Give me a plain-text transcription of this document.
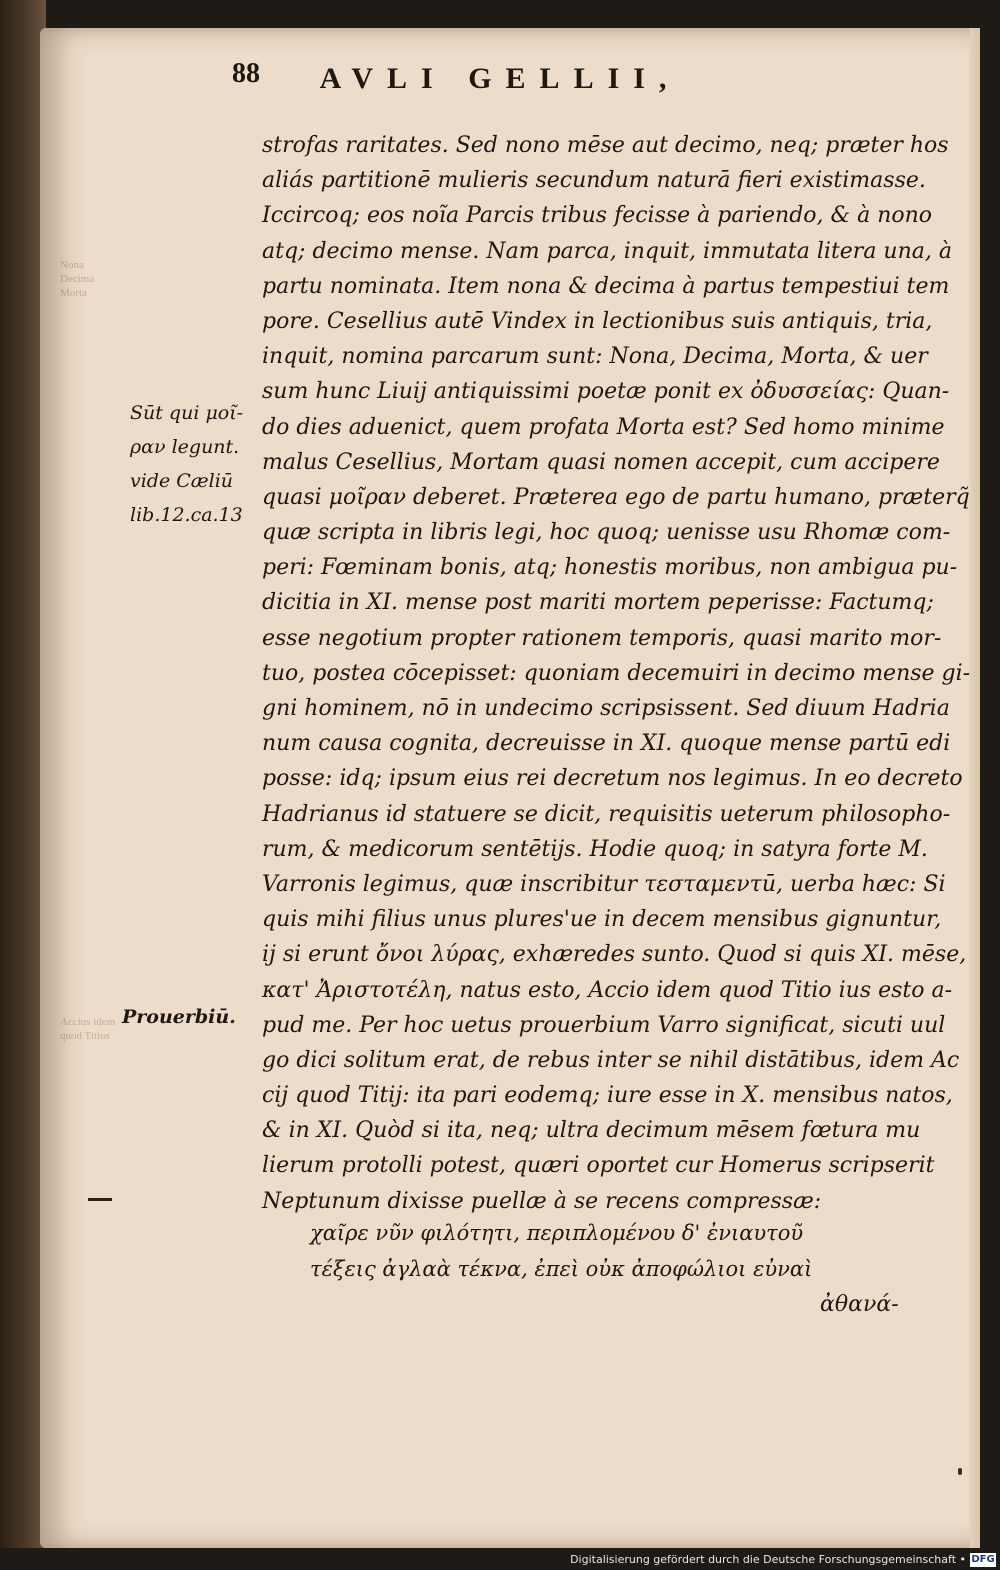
88	AVLI GELLII,
Nona
Decima
Morta
Accius idem
quod Titius
Sūt qui μοῖ-
ραν legunt.
vide Cæliū
lib.12.ca.13
Prouerbiū.
strofas raritates. Sed nono mēse aut decimo, neq; præter hos
aliás partitionē mulieris secundum naturā fieri existimasse.
Iccircoq; eos noĩa Parcis tribus fecisse à pariendo, & à nono
atq; decimo mense. Nam parca, inquit, immutata litera una, à
partu nominata. Item nona & decima à partus tempestiui tem
pore. Cesellius autē Vindex in lectionibus suis antiquis, tria,
inquit, nomina parcarum sunt: Nona, Decima, Morta, & uer
sum hunc Liuij antiquissimi poetæ ponit ex ὀδυσσείας: Quan-
do dies aduenict, quem profata Morta est? Sed homo minime
malus Cesellius, Mortam quasi nomen accepit, cum accipere
quasi μοῖραν deberet. Præterea ego de partu humano, præterq̃
quæ scripta in libris legi, hoc quoq; uenisse usu Rhomæ com-
peri: Fœminam bonis, atq; honestis moribus, non ambigua pu-
dicitia in XI. mense post mariti mortem peperisse: Factumq;
esse negotium propter rationem temporis, quasi marito mor-
tuo, postea cōcepisset: quoniam decemuiri in decimo mense gi-
gni hominem, nō in undecimo scripsissent. Sed diuum Hadria
num causa cognita, decreuisse in XI. quoque mense partū edi
posse: idq; ipsum eius rei decretum nos legimus. In eo decreto
Hadrianus id statuere se dicit, requisitis ueterum philosopho-
rum, & medicorum sentētijs. Hodie quoq; in satyra forte M.
Varronis legimus, quæ inscribitur τεσταμεντū, uerba hæc: Si
quis mihi filius unus plures'ue in decem mensibus gignuntur,
ij si erunt ὄνοι λύρας, exhæredes sunto. Quod si quis XI. mēse,
κατ' Ἀριστοτέλη, natus esto, Accio idem quod Titio ius esto a-
pud me. Per hoc uetus prouerbium Varro significat, sicuti uul
go dici solitum erat, de rebus inter se nihil distātibus, idem Ac
cij quod Titij: ita pari eodemq; iure esse in X. mensibus natos,
& in XI. Quòd si ita, neq; ultra decimum mēsem fœtura mu
lierum protolli potest, quæri oportet cur Homerus scripserit
Neptunum dixisse puellæ à se recens compressæ:
χαῖρε νῦν φιλότητι, περιπλομένου δ' ἐνιαυτοῦ
τέξεις ἀγλαὰ τέκνα, ἐπεὶ οὐκ ἀποφώλιοι εὐναὶ
ἀθανά-
Digitalisierung gefördert durch die Deutsche Forschungsgemeinschaft • DFG
